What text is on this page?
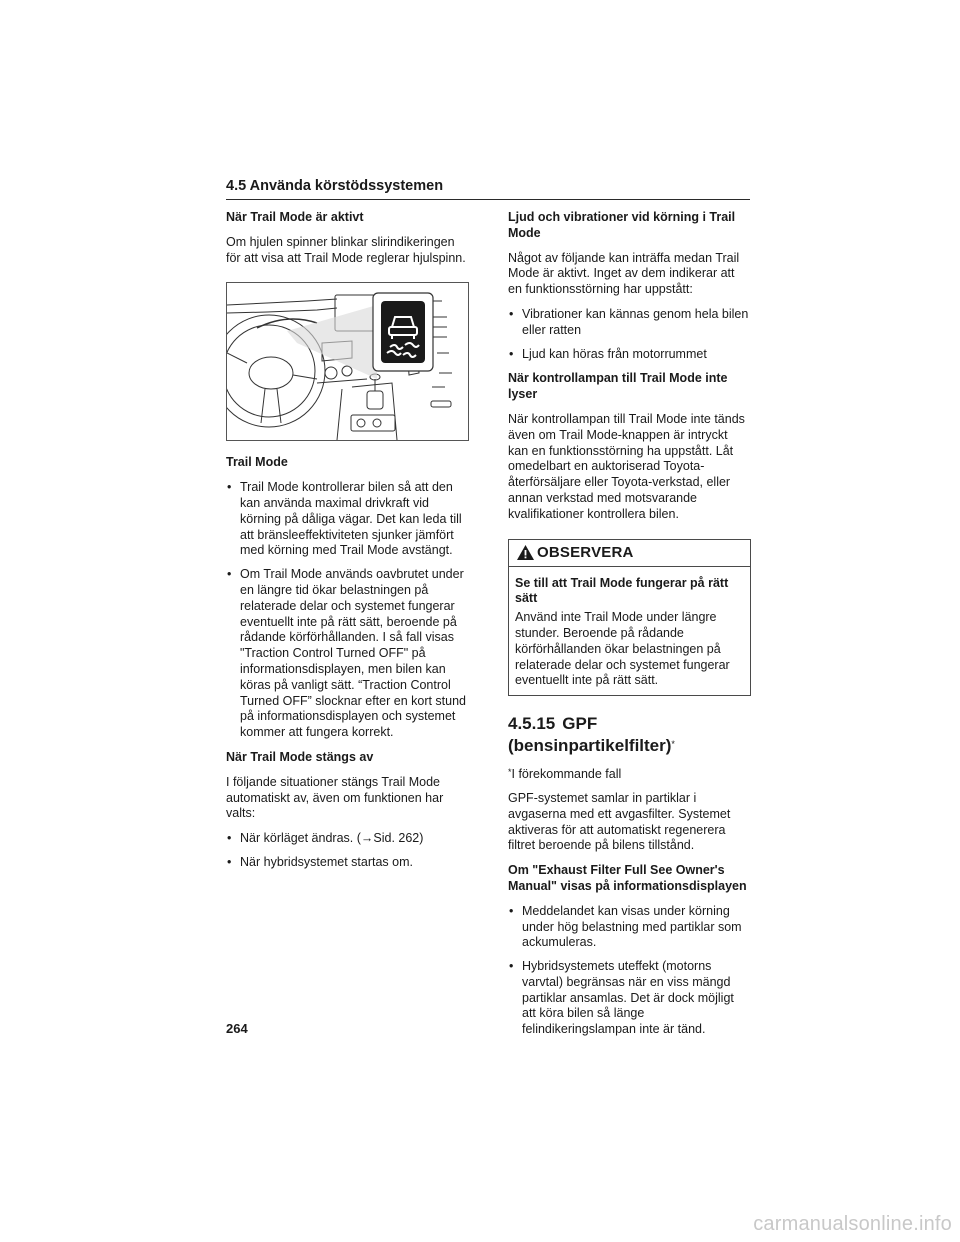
4.5 Använda körstödssystemen
När Trail Mode är aktivt
Om hjulen spinner blinkar slirindikeringen för att visa att Trail Mode reglerar hjulspinn.
Trail Mode
• Trail Mode kontrollerar bilen så att den kan använda maximal drivkraft vid körning på dåliga vägar. Det kan leda till att bränsleeffektiviteten sjunker jämfört med körning med Trail Mode avstängt.
• Om Trail Mode används oavbrutet under en längre tid ökar belastningen på relaterade delar och systemet fungerar eventuellt inte på rätt sätt, beroende på rådande körförhållanden. I så fall visas "Traction Control Turned OFF" på informationsdisplayen, men bilen kan köras på vanligt sätt. “Traction Control Turned OFF” slocknar efter en kort stund på informationsdisplayen och systemet kommer att fungera korrekt.
När Trail Mode stängs av
I följande situationer stängs Trail Mode automatiskt av, även om funktionen har valts:
• När körläget ändras. (→Sid. 262)
• När hybridsystemet startas om.
Ljud och vibrationer vid körning i Trail Mode
Något av följande kan inträffa medan Trail Mode är aktivt. Inget av dem indikerar att en funktionsstörning har uppstått:
• Vibrationer kan kännas genom hela bilen eller ratten
• Ljud kan höras från motorrummet
När kontrollampan till Trail Mode inte lyser
När kontrollampan till Trail Mode inte tänds även om Trail Mode-knappen är intryckt kan en funktionsstörning ha uppstått. Låt omedelbart en auktoriserad Toyota-återförsäljare eller Toyota-verkstad, eller annan verkstad med motsvarande kvalifikationer kontrollera bilen.
OBSERVERA
Se till att Trail Mode fungerar på rätt sätt
Använd inte Trail Mode under längre stunder. Beroende på rådande körförhållanden ökar belastningen på relaterade delar och systemet fungerar eventuellt inte på rätt sätt.
4.5.15 GPF
(bensinpartikelfilter)*
*I förekommande fall
GPF-systemet samlar in partiklar i avgaserna med ett avgasfilter. Systemet aktiveras för att automatiskt regenerera filtret beroende på bilens tillstånd.
Om "Exhaust Filter Full See Owner's Manual" visas på informationsdisplayen
• Meddelandet kan visas under körning under hög belastning med partiklar som ackumuleras.
• Hybridsystemets uteffekt (motorns varvtal) begränsas när en viss mängd partiklar ansamlas. Det är dock möjligt att köra bilen så länge felindikeringslampan inte är tänd.
264
carmanualsonline.info
